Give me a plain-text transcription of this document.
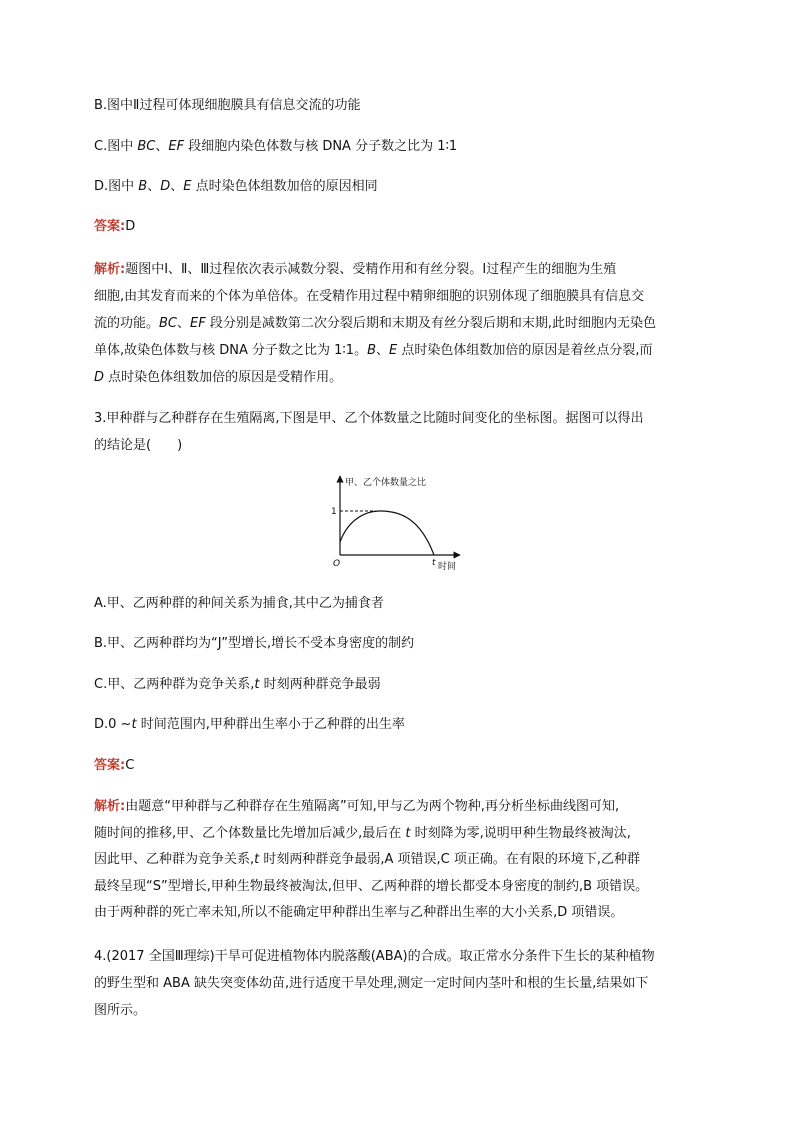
B.图中Ⅱ过程可体现细胞膜具有信息交流的功能
C.图中 BC、EF 段细胞内染色体数与核 DNA 分子数之比为 1∶1
D.图中 B、D、E 点时染色体组数加倍的原因相同
答案:D
解析:题图中Ⅰ、Ⅱ、Ⅲ过程依次表示减数分裂、受精作用和有丝分裂。Ⅰ过程产生的细胞为生殖
细胞,由其发育而来的个体为单倍体。在受精作用过程中精卵细胞的识别体现了细胞膜具有信息交
流的功能。BC、EF 段分别是减数第二次分裂后期和末期及有丝分裂后期和末期,此时细胞内无染色
单体,故染色体数与核 DNA 分子数之比为 1∶1。B、E 点时染色体组数加倍的原因是着丝点分裂,而
D 点时染色体组数加倍的原因是受精作用。
3.甲种群与乙种群存在生殖隔离,下图是甲、乙个体数量之比随时间变化的坐标图。据图可以得出
的结论是(　　)
甲、乙个体数量之比
1
O	t 时间
A.甲、乙两种群的种间关系为捕食,其中乙为捕食者
B.甲、乙两种群均为“J”型增长,增长不受本身密度的制约
C.甲、乙两种群为竞争关系,t 时刻两种群竞争最弱
D.0 ~t 时间范围内,甲种群出生率小于乙种群的出生率
答案:C
解析:由题意“甲种群与乙种群存在生殖隔离”可知,甲与乙为两个物种,再分析坐标曲线图可知,
随时间的推移,甲、乙个体数量比先增加后减少,最后在 t 时刻降为零,说明甲种生物最终被淘汰,
因此甲、乙种群为竞争关系,t 时刻两种群竞争最弱,A 项错误,C 项正确。在有限的环境下,乙种群
最终呈现“S”型增长,甲种生物最终被淘汰,但甲、乙两种群的增长都受本身密度的制约,B 项错误。
由于两种群的死亡率未知,所以不能确定甲种群出生率与乙种群出生率的大小关系,D 项错误。
4.(2017 全国Ⅲ理综)干旱可促进植物体内脱落酸(ABA)的合成。取正常水分条件下生长的某种植物
的野生型和 ABA 缺失突变体幼苗,进行适度干旱处理,测定一定时间内茎叶和根的生长量,结果如下
图所示。
